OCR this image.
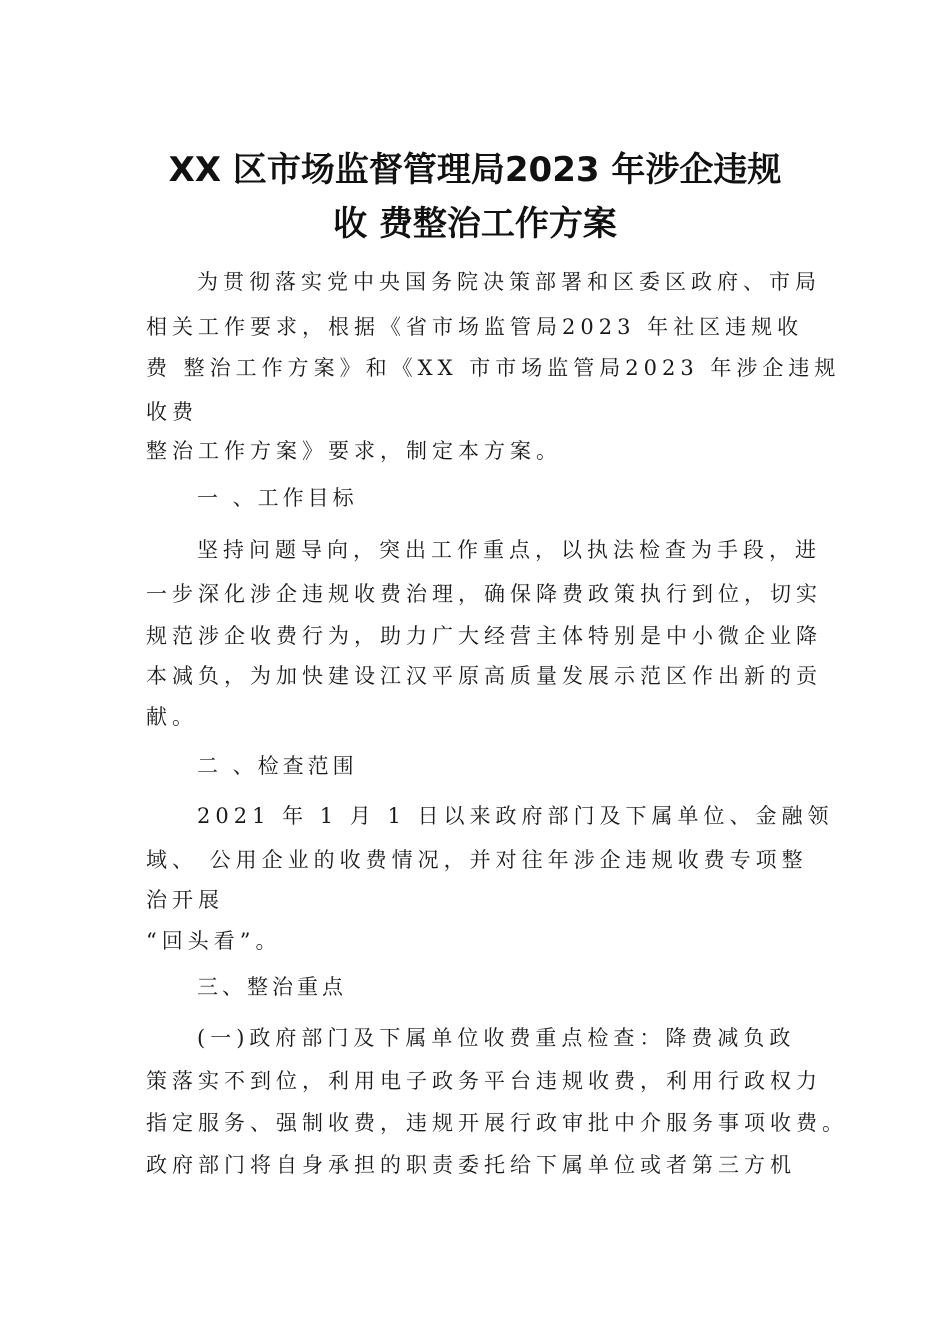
XX 区市场监督管理局2023 年涉企违规
收 费整治工作方案
为贯彻落实党中央国务院决策部署和区委区政府、市局
相关工作要求，根据《省市场监管局2023 年社区违规收
费 整治工作方案》和《XX 市市场监管局2023 年涉企违规
收费
整治工作方案》要求，制定本方案。
一 、工作目标
坚持问题导向，突出工作重点，以执法检查为手段，进
一步深化涉企违规收费治理，确保降费政策执行到位，切实
规范涉企收费行为，助力广大经营主体特别是中小微企业降
本减负，为加快建设江汉平原高质量发展示范区作出新的贡
献。
二 、检查范围
2021 年 1 月 1 日以来政府部门及下属单位、金融领
域、 公用企业的收费情况，并对往年涉企违规收费专项整
治开展
“回头看”。
三、整治重点
(一)政府部门及下属单位收费重点检查：降费减负政
策落实不到位，利用电子政务平台违规收费，利用行政权力
指定服务、强制收费，违规开展行政审批中介服务事项收费。
政府部门将自身承担的职责委托给下属单位或者第三方机
